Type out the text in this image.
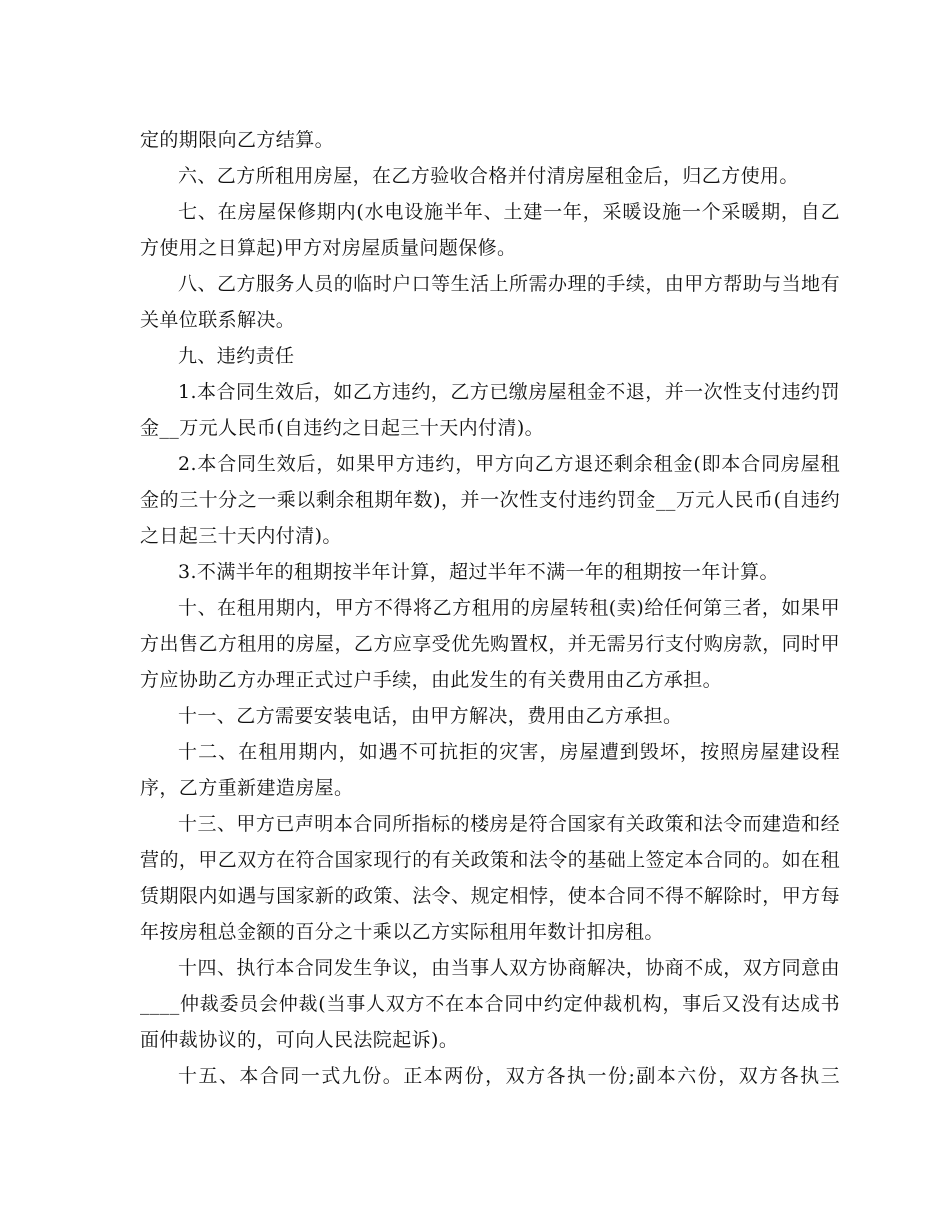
定的期限向乙方结算。

六、乙方所租用房屋，在乙方验收合格并付清房屋租金后，归乙方使用。

七、在房屋保修期内(水电设施半年、土建一年，采暖设施一个采暖期，自乙方使用之日算起)甲方对房屋质量问题保修。

八、乙方服务人员的临时户口等生活上所需办理的手续，由甲方帮助与当地有关单位联系解决。

九、违约责任

1.本合同生效后，如乙方违约，乙方已缴房屋租金不退，并一次性支付违约罚金__万元人民币(自违约之日起三十天内付清)。

2.本合同生效后，如果甲方违约，甲方向乙方退还剩余租金(即本合同房屋租金的三十分之一乘以剩余租期年数)，并一次性支付违约罚金__万元人民币(自违约之日起三十天内付清)。

3.不满半年的租期按半年计算，超过半年不满一年的租期按一年计算。

十、在租用期内，甲方不得将乙方租用的房屋转租(卖)给任何第三者，如果甲方出售乙方租用的房屋，乙方应享受优先购置权，并无需另行支付购房款，同时甲方应协助乙方办理正式过户手续，由此发生的有关费用由乙方承担。

十一、乙方需要安装电话，由甲方解决，费用由乙方承担。

十二、在租用期内，如遇不可抗拒的灾害，房屋遭到毁坏，按照房屋建设程序，乙方重新建造房屋。

十三、甲方已声明本合同所指标的楼房是符合国家有关政策和法令而建造和经营的，甲乙双方在符合国家现行的有关政策和法令的基础上签定本合同的。如在租赁期限内如遇与国家新的政策、法令、规定相悖，使本合同不得不解除时，甲方每年按房租总金额的百分之十乘以乙方实际租用年数计扣房租。

十四、执行本合同发生争议，由当事人双方协商解决，协商不成，双方同意由____仲裁委员会仲裁(当事人双方不在本合同中约定仲裁机构，事后又没有达成书面仲裁协议的，可向人民法院起诉)。

十五、本合同一式九份。正本两份，双方各执一份;副本六份，双方各执三
